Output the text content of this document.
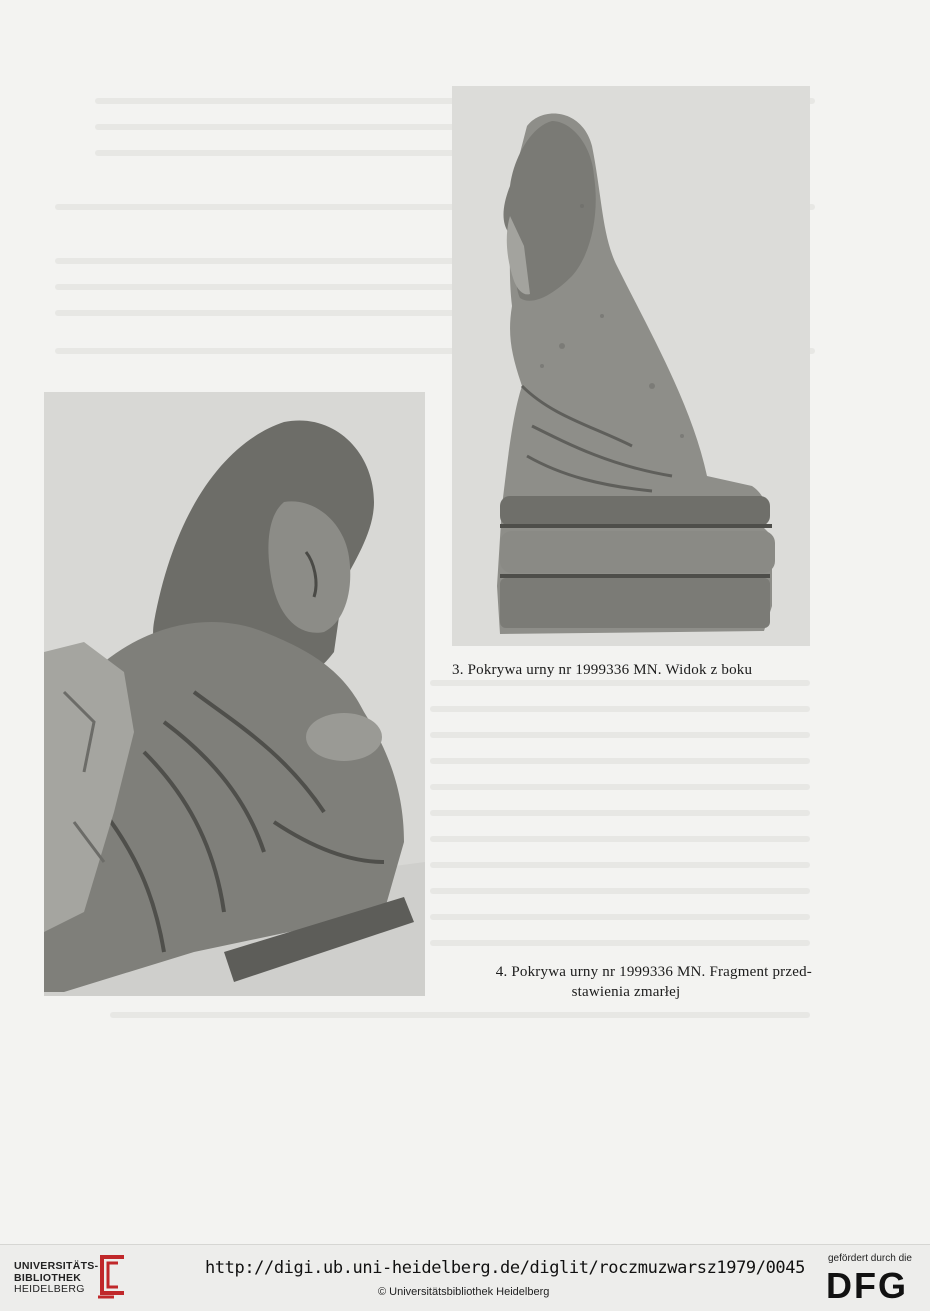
3. Pokrywa urny nr 1999336 MN. Widok z boku
4. Pokrywa urny nr 1999336 MN. Fragment przed-
stawienia zmarłej
UNIVERSITÄTS-
BIBLIOTHEK
HEIDELBERG
http://digi.ub.uni-heidelberg.de/diglit/roczmuzwarsz1979/0045
© Universitätsbibliothek Heidelberg
gefördert durch die
DFG
